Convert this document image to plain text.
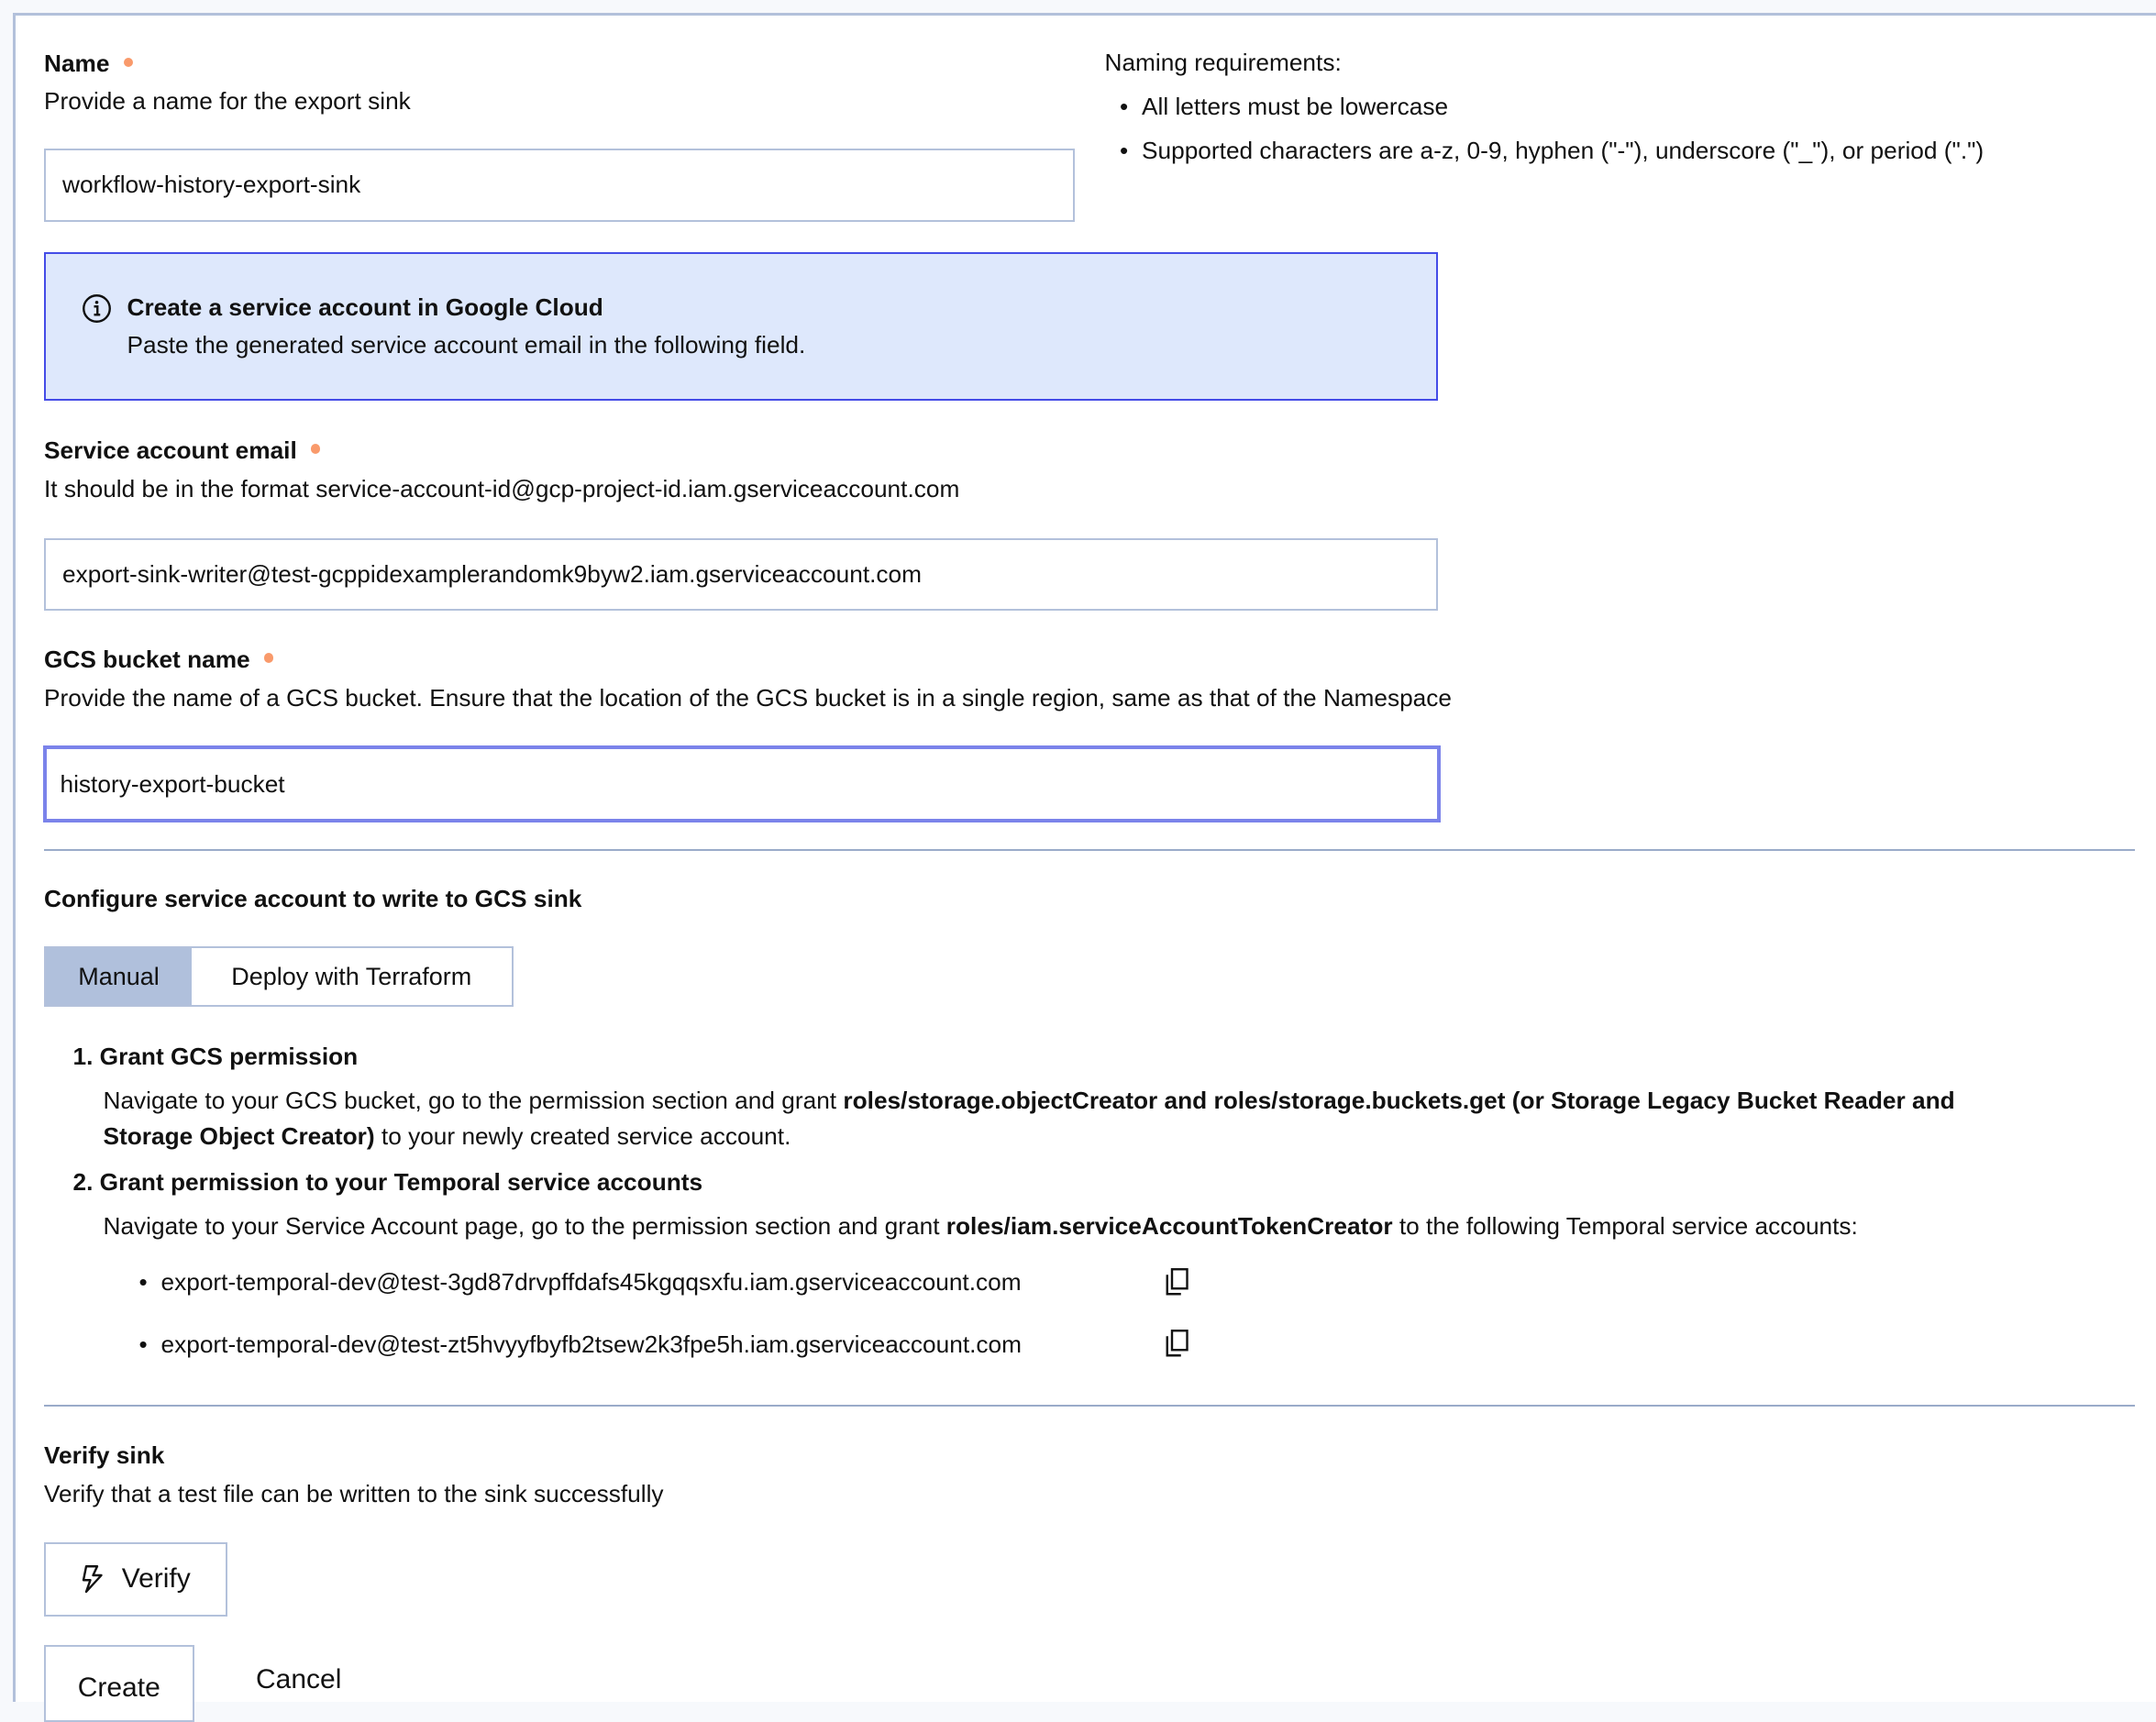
Name
Provide a name for the export sink
workflow-history-export-sink
Naming requirements:
• All letters must be lowercase
• Supported characters are a-z, 0-9, hyphen ("-"), underscore ("_"), or period (".")
Create a service account in Google Cloud
Paste the generated service account email in the following field.
Service account email
It should be in the format service-account-id@gcp-project-id.iam.gserviceaccount.com
export-sink-writer@test-gcppidexamplerandomk9byw2.iam.gserviceaccount.com
GCS bucket name
Provide the name of a GCS bucket. Ensure that the location of the GCS bucket is in a single region, same as that of the Namespace
history-export-bucket
Configure service account to write to GCS sink
Manual	Deploy with Terraform
1. Grant GCS permission
Navigate to your GCS bucket, go to the permission section and grant roles/storage.objectCreator and roles/storage.buckets.get (or Storage Legacy Bucket Reader and
Storage Object Creator) to your newly created service account.
2. Grant permission to your Temporal service accounts
Navigate to your Service Account page, go to the permission section and grant roles/iam.serviceAccountTokenCreator to the following Temporal service accounts:
• export-temporal-dev@test-3gd87drvpffdafs45kgqqsxfu.iam.gserviceaccount.com
• export-temporal-dev@test-zt5hvyyfbyfb2tsew2k3fpe5h.iam.gserviceaccount.com
Verify sink
Verify that a test file can be written to the sink successfully
Verify
Create	Cancel
